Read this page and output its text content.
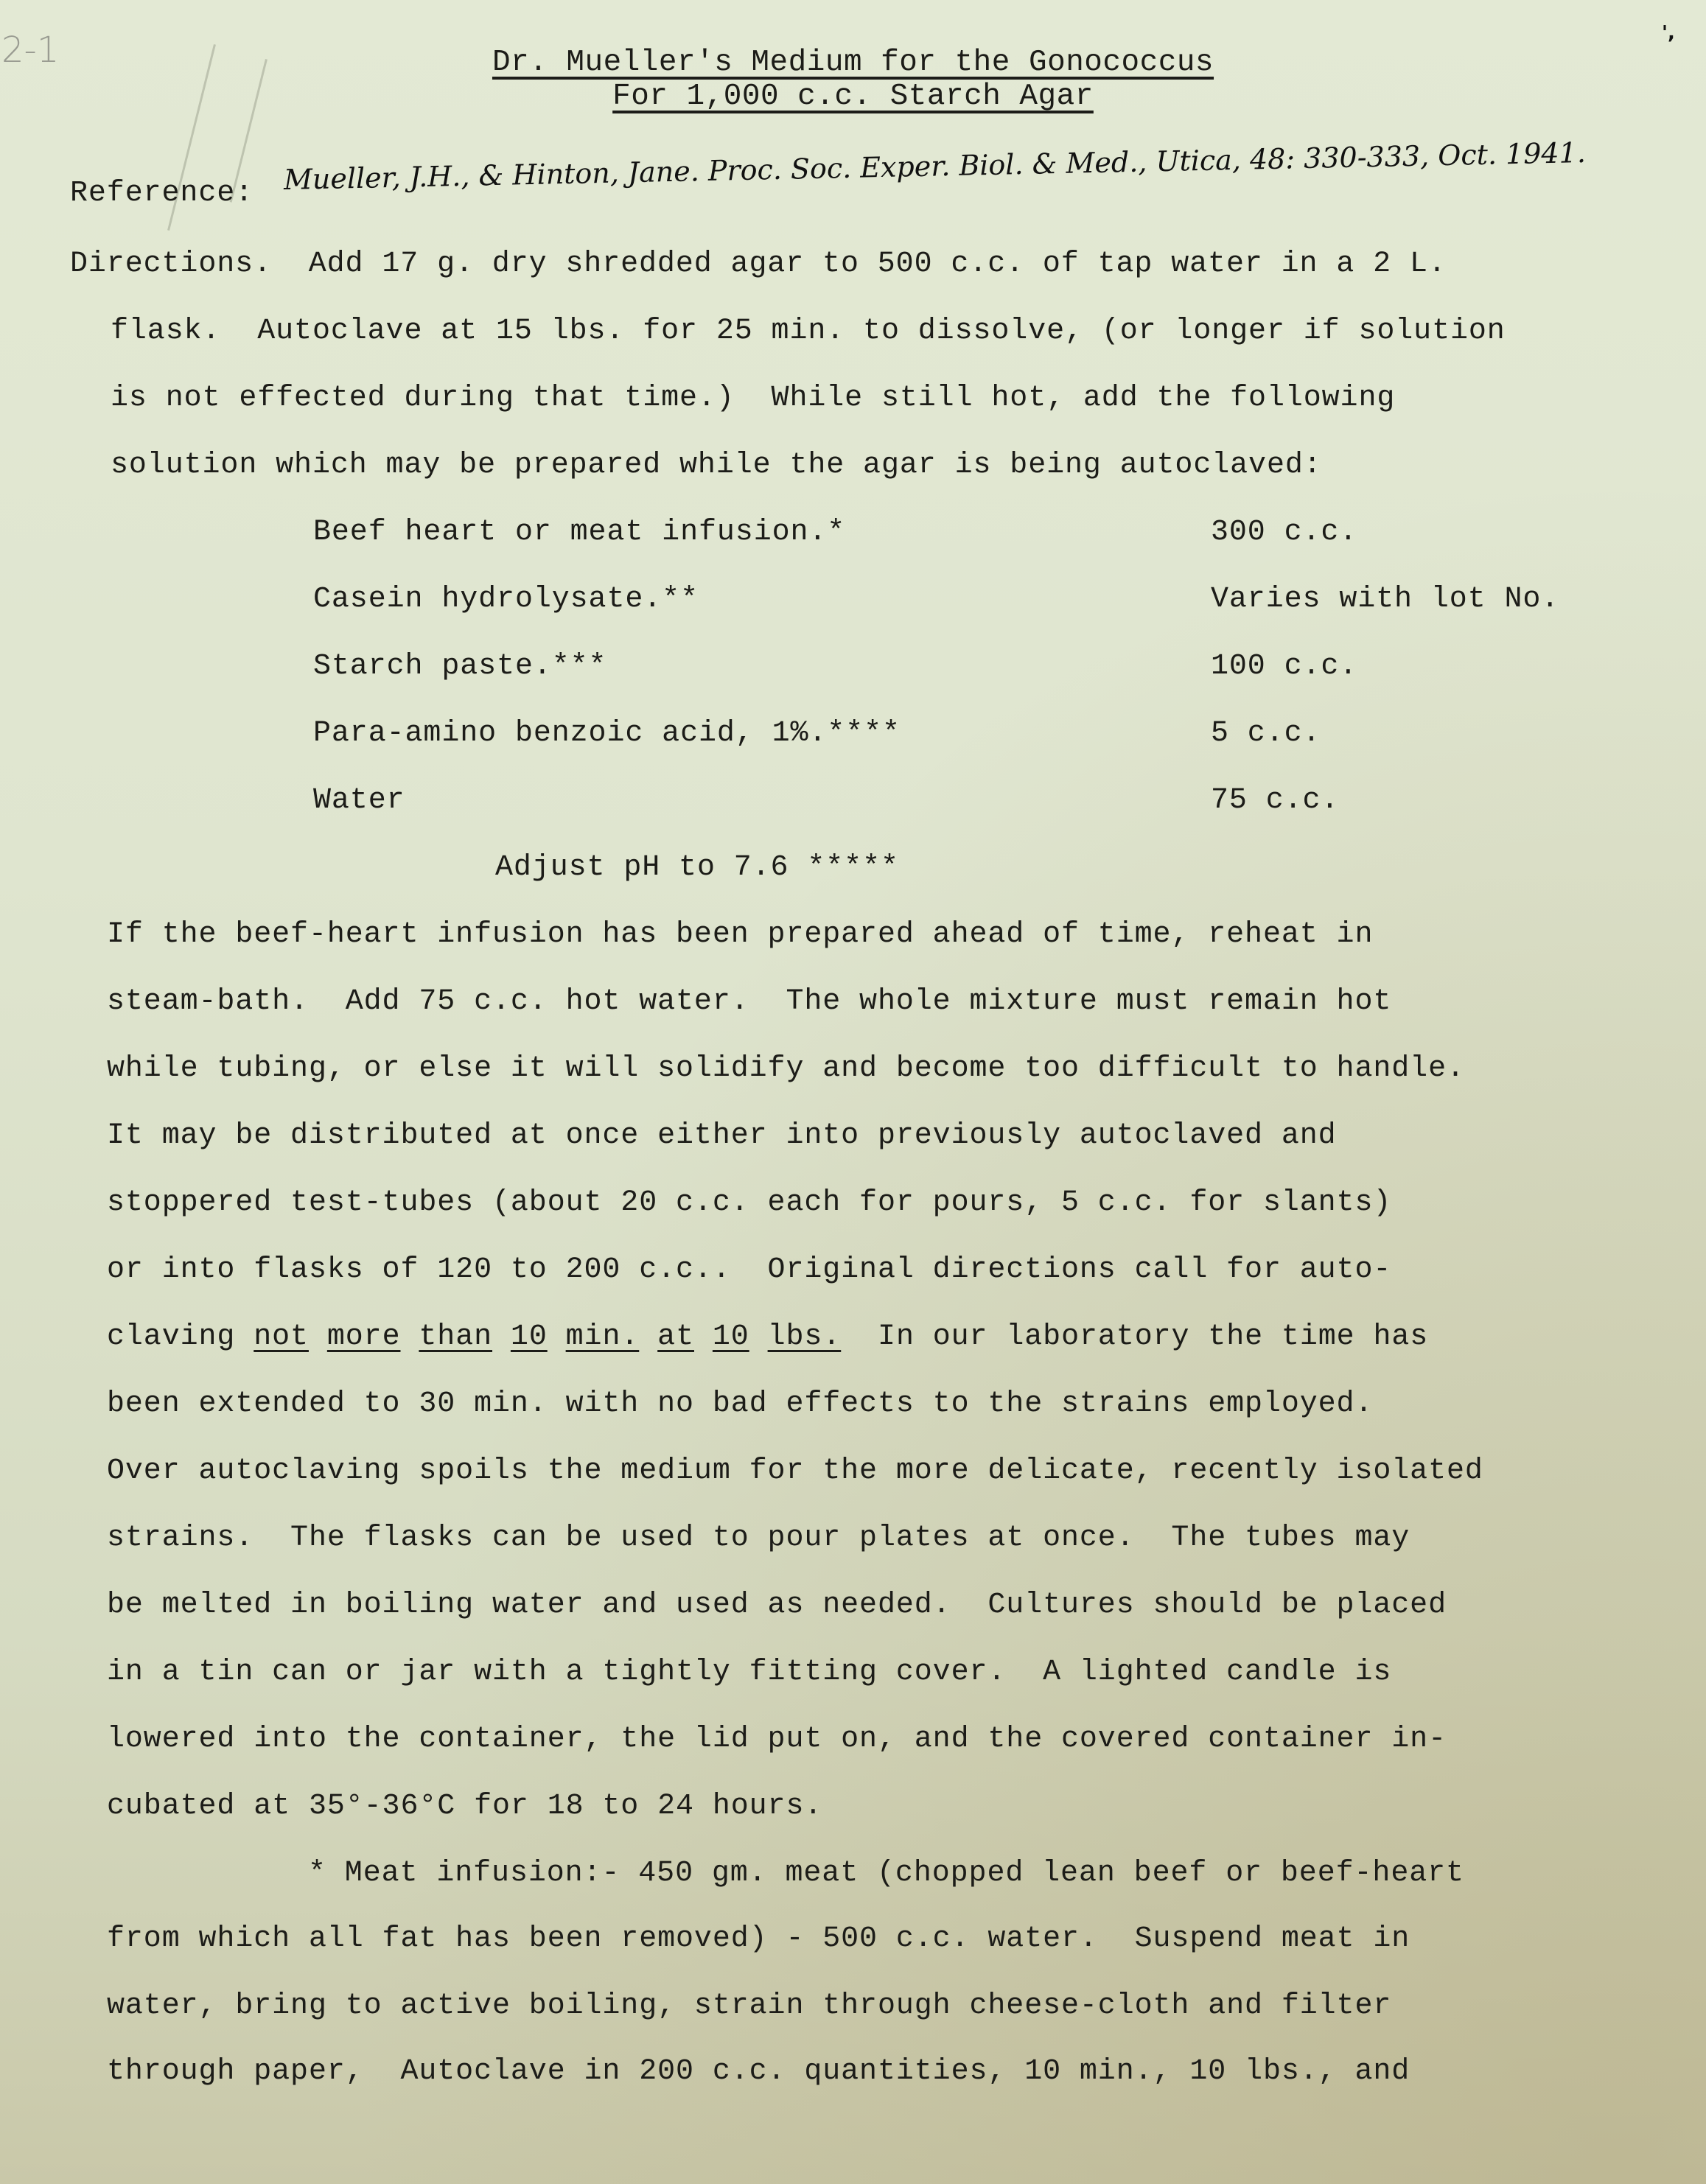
2-1	',
Dr. Mueller's Medium for the Gonococcus
For 1,000 c.c. Starch Agar
Reference: Mueller, J.H., & Hinton, Jane. Proc. Soc. Exper. Biol. & Med., Utica, 48: 330-333, Oct. 1941.
Directions.  Add 17 g. dry shredded agar to 500 c.c. of tap water in a 2 L.
flask.  Autoclave at 15 lbs. for 25 min. to dissolve, (or longer if solution
is not effected during that time.)  While still hot, add the following
solution which may be prepared while the agar is being autoclaved:
Beef heart or meat infusion.*	300 c.c.
Casein hydrolysate.**	Varies with lot No.
Starch paste.***	100 c.c.
Para-amino benzoic acid, 1%.****	5 c.c.
Water	75 c.c.
Adjust pH to 7.6 *****
If the beef-heart infusion has been prepared ahead of time, reheat in
steam-bath.  Add 75 c.c. hot water.  The whole mixture must remain hot
while tubing, or else it will solidify and become too difficult to handle.
It may be distributed at once either into previously autoclaved and
stoppered test-tubes (about 20 c.c. each for pours, 5 c.c. for slants)
or into flasks of 120 to 200 c.c..  Original directions call for auto-
claving not more than 10 min. at 10 lbs.  In our laboratory the time has
been extended to 30 min. with no bad effects to the strains employed.
Over autoclaving spoils the medium for the more delicate, recently isolated
strains.  The flasks can be used to pour plates at once.  The tubes may
be melted in boiling water and used as needed.  Cultures should be placed
in a tin can or jar with a tightly fitting cover.  A lighted candle is
lowered into the container, the lid put on, and the covered container in-
cubated at 35°-36°C for 18 to 24 hours.
* Meat infusion:- 450 gm. meat (chopped lean beef or beef-heart
from which all fat has been removed) - 500 c.c. water.  Suspend meat in
water, bring to active boiling, strain through cheese-cloth and filter
through paper,  Autoclave in 200 c.c. quantities, 10 min., 10 lbs., and
